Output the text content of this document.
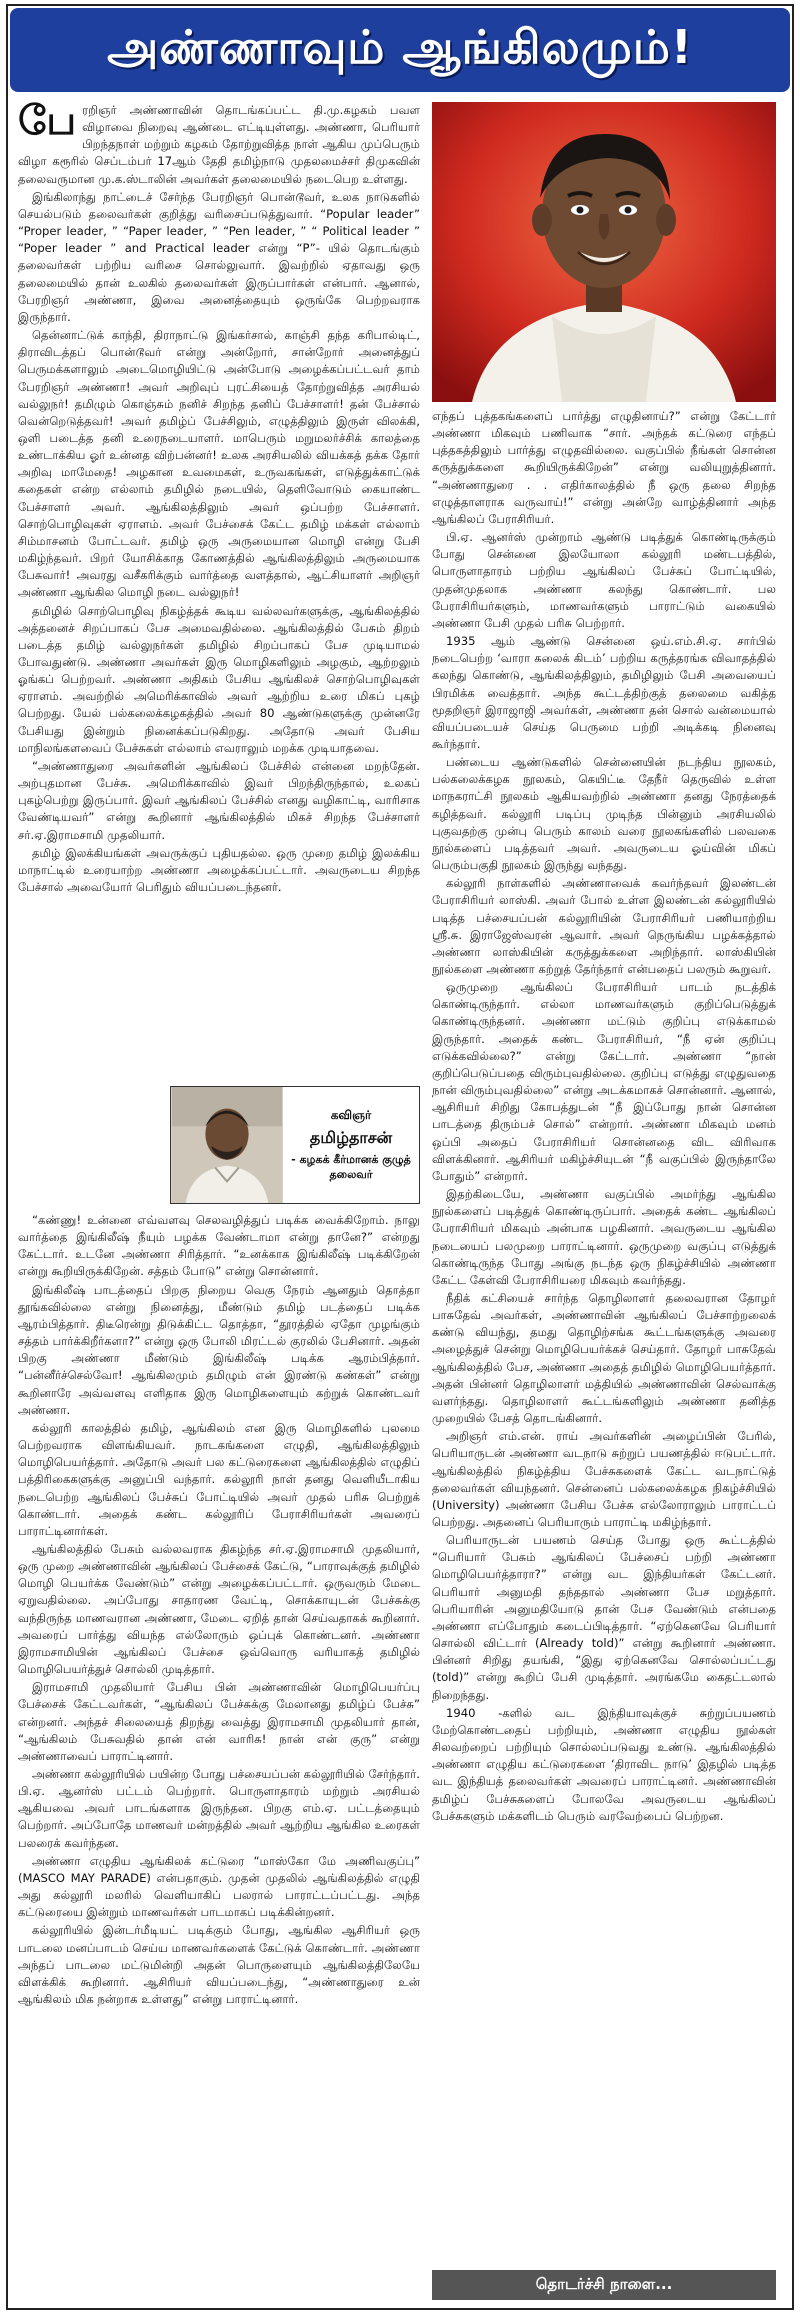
அண்ணாவும் ஆங்கிலமும்!

பேரறிஞர் அண்ணாவின் தொடங்கப்பட்ட தி.மு.கழகம் பவள விழாவை நிறைவு ஆண்டை எட்டியுள்ளது. அண்ணா, பெரியார் பிறந்தநாள் மற்றும் கழகம் தோற்றுவித்த நாள் ஆகிய முப்பெரும் விழா கரூரில் செப்டம்பர் 17ஆம் தேதி தமிழ்நாடு முதலமைச்சர் திமுகவின் தலைவருமான மு.க.ஸ்டாலின் அவர்கள் தலைமையில் நடைபெற உள்ளது.

இங்கிலாந்து நாட்டைச் சேர்ந்த பேரறிஞர் பொன்டூவர், உலக நாடுகளில் செயல்படும் தலைவர்கள் குறித்து வரிசைப்படுத்துவார். “Popular leader” “Proper leader, ” “Paper leader, ” “Pen leader, ” “ Political leader ” “Poper leader ” and Practical leader என்று “P”- யில் தொடங்கும் தலைவர்கள் பற்றிய வரிசை சொல்லுவார். இவற்றில் ஏதாவது ஒரு தலைமையில் தான் உலகில் தலைவர்கள் இருப்பார்கள் என்பார். ஆனால், பேரறிஞர் அண்ணா, இவை அனைத்தையும் ஒருங்கே பெற்றவராக இருந்தார்.

தென்னாட்டுக் காந்தி, திராநாட்டு இங்கர்சால், காஞ்சி தந்த கரிபால்டிட், திராவிடத்தப் பொன்டூவர் என்று அன்றோர், சான்றோர் அனைத்துப் பெருமக்களாலும் அடைமொழியிட்டு அன்போடு அழைக்கப்பட்டவர் தாம் பேரறிஞர் அண்ணா! அவர் அறிவுப் புரட்சியைத் தோற்றுவித்த அரசியல் வல்லுநர்! தமிழும் கொஞ்சும் நனிச் சிறந்த தனிப் பேச்சாளர்! தன் பேச்சால் வென்றெடுத்தவர்! அவர் தமிழ்ப் பேச்சிலும், எழுத்திலும் இருள் விலக்கி, ஒளி படைத்த தனி உரைநடையாளர். மாபெரும் மறுமலர்ச்சிக் காலத்தை உண்டாக்கிய ஓர் உன்னத விற்பன்னர்! உலக அரசியலில் வியக்கத் தக்க தோர் அறிவு மாமேதை! அழகான உவமைகள், உருவகங்கள், எடுத்துக்காட்டுக் கதைகள் என்ற எல்லாம் தமிழில் நடையில், தெளிவோடும் கையாண்ட பேச்சாளர் அவர். ஆங்கிலத்திலும் அவர் ஒப்பற்ற பேச்சாளர். சொற்பொழிவுகள் ஏராளம். அவர் பேச்சைக் கேட்ட தமிழ் மக்கள் எல்லாம் சிம்மாசனம் போட்டவர். தமிழ் ஒரு அருமையான மொழி என்று பேசி மகிழ்ந்தவர். பிறர் யோசிக்காத கோணத்தில் ஆங்கிலத்திலும் அருமையாக பேசுவார்! அவரது வசீகரிக்கும் வார்த்தை வளத்தால், ஆட்சியாளர் அறிஞர் அண்ணா ஆங்கில மொழி நடை வல்லுநர்!

தமிழில் சொற்பொழிவு நிகழ்த்தக் கூடிய வல்லவர்களுக்கு, ஆங்கிலத்தில் அத்தனைச் சிறப்பாகப் பேச அமைவதில்லை. ஆங்கிலத்தில் பேசும் திறம் படைத்த தமிழ் வல்லுநர்கள் தமிழில் சிறப்பாகப் பேச முடியாமல் போவதுண்டு. அண்ணா அவர்கள் இரு மொழிகளிலும் அழகும், ஆற்றலும் ஓங்கப் பெற்றவர். அண்ணா அதிகம் பேசிய ஆங்கிலச் சொற்பொழிவுகள் ஏராளம். அவற்றில் அமெரிக்காவில் அவர் ஆற்றிய உரை மிகப் புகழ் பெற்றது. யேல் பல்கலைக்கழகத்தில் அவர் 80 ஆண்டுகளுக்கு முன்னரே பேசியது இன்றும் நினைக்கப்படுகிறது. அதோடு அவர் பேசிய மாநிலங்களவைப் பேச்சுகள் எல்லாம் எவராலும் மறக்க முடியாதவை.

“அண்ணாதுரை அவர்களின் ஆங்கிலப் பேச்சில் என்னை மறந்தேன். அற்புதமான பேச்சு. அமெரிக்காவில் இவர் பிறந்திருந்தால், உலகப் புகழ்பெற்று இருப்பார். இவர் ஆங்கிலப் பேச்சில் எனது வழிகாட்டி, வாரிசாக வேண்டியவர்” என்று கூறினார் ஆங்கிலத்தில் மிகச் சிறந்த பேச்சாளர் சர்.ஏ.இராமசாமி முதலியார்.

தமிழ் இலக்கியங்கள் அவருக்குப் புதியதல்ல. ஒரு முறை தமிழ் இலக்கிய மாநாட்டில் உரையாற்ற அண்ணா அழைக்கப்பட்டார். அவருடைய சிறந்த பேச்சால் அவையோர் பெரிதும் வியப்படைந்தனர்.

கவிஞர்
தமிழ்தாசன்
- கழகக் கீர்மானக் குழுத் தலைவர்

“கண்ணு! உன்னை எவ்வளவு செலவழித்துப் படிக்க வைக்கிறோம். நாலு வார்த்தை இங்கிலீஷ் நீயும் பழக்க வேண்டாமா என்று தானே?” என்றது கேட்டார். உடனே அண்ணா சிரித்தார். “உனக்காக இங்கிலீஷ் படிக்கிறேன் என்று கூறியிருக்கிறேன். சத்தம் போடு” என்று சொன்னார்.

இங்கிலீஷ் பாடத்தைப் பிறகு நிறைய வெகு நேரம் ஆனதும் தொத்தா தூங்கவில்லை என்று நினைத்து, மீண்டும் தமிழ் படத்தைப் படிக்க ஆரம்பித்தார். திடீரென்று திடுக்கிட்ட தொத்தா, “தூரத்தில் ஏதோ முழங்கும் சத்தம் பார்க்கிறீர்களா?” என்று ஒரு போலி மிரட்டல் குரலில் பேசினார். அதன் பிறகு அண்ணா மீண்டும் இங்கிலீஷ் படிக்க ஆரம்பித்தார். “பன்னீர்ச்செல்வோ! ஆங்கிலமும் தமிழும் என் இரண்டு கண்கள்” என்று கூறினாரே அவ்வளவு எளிதாக இரு மொழிகளையும் கற்றுக் கொண்டவர் அண்ணா.

கல்லூரி காலத்தில் தமிழ், ஆங்கிலம் என இரு மொழிகளில் புலமை பெற்றவராக விளங்கியவர். நாடகங்களை எழுதி, ஆங்கிலத்திலும் மொழிபெயர்த்தார். அதோடு அவர் பல கட்டுரைகளை ஆங்கிலத்தில் எழுதிப் பத்திரிகைகளுக்கு அனுப்பி வந்தார். கல்லூரி நாள் தனது வெளியீடாகிய நடைபெற்ற ஆங்கிலப் பேச்சுப் போட்டியில் அவர் முதல் பரிசு பெற்றுக் கொண்டார். அதைக் கண்ட கல்லூரிப் பேராசிரியர்கள் அவரைப் பாராட்டினார்கள்.

ஆங்கிலத்தில் பேசும் வல்லவராக திகழ்ந்த சர்.ஏ.இராமசாமி முதலியார், ஒரு முறை அண்ணாவின் ஆங்கிலப் பேச்சைக் கேட்டு, “பாராவுக்குத் தமிழில் மொழி பெயர்க்க வேண்டும்” என்று அழைக்கப்பட்டார். ஒருவரும் மேடை ஏறுவதில்லை. அப்போது சாதாரண வேட்டி, சொக்காயுடன் பேச்சுக்கு வந்திருந்த மாணவரான அண்ணா, மேடை ஏறித் தான் செய்வதாகக் கூறினார். அவரைப் பார்த்து வியந்த எல்லோரும் ஒப்புக் கொண்டனர். அண்ணா இராமசாமியின் ஆங்கிலப் பேச்சை ஒவ்வொரு வரியாகத் தமிழில் மொழிபெயர்த்துச் சொல்லி முடித்தார்.

இராமசாமி முதலியார் பேசிய பின் அண்ணாவின் மொழிபெயர்ப்பு பேச்சைக் கேட்டவர்கள், “ஆங்கிலப் பேச்சுக்கு மேலானது தமிழ்ப் பேச்சு” என்றனர். அந்தச் சிலையைத் திறந்து வைத்து இராமசாமி முதலியார் தான், “ஆங்கிலம் பேசுவதில் தான் என் வாரிசு! நான் என் குரு” என்று அண்ணாவைப் பாராட்டினார்.

அண்ணா கல்லூரியில் பயின்ற போது பச்சையப்பன் கல்லூரியில் சேர்ந்தார். பி.ஏ. ஆனர்ஸ் பட்டம் பெற்றார். பொருளாதாரம் மற்றும் அரசியல் ஆகியவை அவர் பாடங்களாக இருந்தன. பிறகு எம்.ஏ. பட்டத்தையும் பெற்றார். அப்போதே மாணவர் மன்றத்தில் அவர் ஆற்றிய ஆங்கில உரைகள் பலரைக் கவர்ந்தன.

அண்ணா எழுதிய ஆங்கிலக் கட்டுரை “மாஸ்கோ மே அணிவகுப்பு” (MASCO MAY PARADE) என்பதாகும். முதன் முதலில் ஆங்கிலத்தில் எழுதி அது கல்லூரி மலரில் வெளியாகிப் பலரால் பாராட்டப்பட்டது. அந்த கட்டுரையை இன்றும் மாணவர்கள் பாடமாகப் படிக்கின்றனர்.

கல்லூரியில் இன்டர்மீடியட் படிக்கும் போது, ஆங்கில ஆசிரியர் ஒரு பாடலை மனப்பாடம் செய்ய மாணவர்களைக் கேட்டுக் கொண்டார். அண்ணா அந்தப் பாடலை மட்டுமின்றி அதன் பொருளையும் ஆங்கிலத்திலேயே விளக்கிக் கூறினார். ஆசிரியர் வியப்படைந்து, “அண்ணாதுரை உன் ஆங்கிலம் மிக நன்றாக உள்ளது” என்று பாராட்டினார்.

எந்தப் புத்தகங்களைப் பார்த்து எழுதினாய்?” என்று கேட்டார் அண்ணா மிகவும் பணிவாக “சார். அந்தக் கட்டுரை எந்தப் புத்தகத்திலும் பார்த்து எழுதவில்லை. வகுப்பில் நீங்கள் சொன்ன கருத்துக்களை கூறியிருக்கிறேன்” என்று வலியுறுத்தினார். “அண்ணாதுரை . . எதிர்காலத்தில் நீ ஒரு தலை சிறந்த எழுத்தாளராக வருவாய்!” என்று அன்றே வாழ்த்தினார் அந்த ஆங்கிலப் பேராசிரியர்.

பி.ஏ. ஆனர்ஸ் முன்றாம் ஆண்டு படித்துக் கொண்டிருக்கும் போது சென்னை இலயோலா கல்லூரி மண்டபத்தில், பொருளாதாரம் பற்றிய ஆங்கிலப் பேச்சுப் போட்டியில், முதன்முதலாக அண்ணா கலந்து கொண்டார். பல பேராசிரியர்களும், மாணவர்களும் பாராட்டும் வகையில் அண்ணா பேசி முதல் பரிசு பெற்றார்.

1935 ஆம் ஆண்டு சென்னை ஒய்.எம்.சி.ஏ. சார்பில் நடைபெற்ற ‘வாரா கலைக் கிடம்’ பற்றிய கருத்தரங்க விவாதத்தில் கலந்து கொண்டு, ஆங்கிலத்திலும், தமிழிலும் பேசி அவையைப் பிரமிக்க வைத்தார். அந்த கூட்டத்திற்குத் தலைமை வகித்த மூதறிஞர் இராஜாஜி அவர்கள், அண்ணா தன் சொல் வன்மையால் வியப்படையச் செய்த பெருமை பற்றி அடிக்கடி நினைவு கூர்ந்தார்.

பண்டைய ஆண்டுகளில் சென்னையின் நடந்திய நூலகம், பல்கலைக்கழக நூலகம், கெயிட்டீ தேநீர் தெருவில் உள்ள மாநகராட்சி நூலகம் ஆகியவற்றில் அண்ணா தனது நேரத்தைக் கழித்தவர். கல்லூரி படிப்பு முடிந்த பின்னும் அரசியலில் புகுவதற்கு முன்பு பெரும் காலம் வரை நூலகங்களில் பலவகை நூல்களைப் படித்தவர் அவர். அவருடைய ஓய்வின் மிகப் பெரும்பகுதி நூலகம் இருந்து வந்தது.

கல்லூரி நாள்களில் அண்ணாவைக் கவர்ந்தவர் இலண்டன் பேராசிரியர் லாஸ்கி. அவர் போல் உள்ள இலண்டன் கல்லூரியில் படித்த பச்சையப்பன் கல்லூரியின் பேராசிரியர் பணியாற்றிய ஸ்ரீ.சு. இராஜேஸ்வரன் ஆவார். அவர் நெருங்கிய பழக்கத்தால் அண்ணா லாஸ்கியின் கருத்துக்களை அறிந்தார். லாஸ்கியின் நூல்களை அண்ணா கற்றுத் தேர்ந்தார் என்பதைப் பலரும் கூறுவர்.

ஒருமுறை ஆங்கிலப் பேராசிரியர் பாடம் நடத்திக் கொண்டிருந்தார். எல்லா மாணவர்களும் குறிப்பெடுத்துக் கொண்டிருந்தனர். அண்ணா மட்டும் குறிப்பு எடுக்காமல் இருந்தார். அதைக் கண்ட பேராசிரியர், “நீ ஏன் குறிப்பு எடுக்கவில்லை?” என்று கேட்டார். அண்ணா “நான் குறிப்பெடுப்பதை விரும்புவதில்லை. குறிப்பு எடுத்து எழுதுவதை நான் விரும்புவதில்லை” என்று அடக்கமாகச் சொன்னார். ஆனால், ஆசிரியர் சிறிது கோபத்துடன் “நீ இப்போது நான் சொன்ன பாடத்தை திரும்பச் சொல்” என்றார். அண்ணா மிகவும் மனம் ஒப்பி அதைப் பேராசிரியர் சொன்னதை விட விரிவாக விளக்கினார். ஆசிரியர் மகிழ்ச்சியுடன் “நீ வகுப்பில் இருந்தாலே போதும்” என்றார்.

இதற்கிடையே, அண்ணா வகுப்பில் அமர்ந்து ஆங்கில நூல்களைப் படித்துக் கொண்டிருப்பார். அதைக் கண்ட ஆங்கிலப் பேராசிரியர் மிகவும் அன்பாக பழகினார். அவருடைய ஆங்கில நடையைப் பலமுறை பாராட்டினார். ஒருமுறை வகுப்பு எடுத்துக் கொண்டிருந்த போது அங்கு நடந்த ஒரு நிகழ்ச்சியில் அண்ணா கேட்ட கேள்வி பேராசிரியரை மிகவும் கவர்ந்தது.

நீதிக் கட்சியைச் சார்ந்த தொழிலாளர் தலைவரான தோழர் பாசுதேவ் அவர்கள், அண்ணாவின் ஆங்கிலப் பேச்சாற்றலைக் கண்டு வியந்து, தமது தொழிற்சங்க கூட்டங்களுக்கு அவரை அழைத்துச் சென்று மொழிபெயர்க்கச் செய்தார். தோழர் பாசுதேவ் ஆங்கிலத்தில் பேச, அண்ணா அதைத் தமிழில் மொழிபெயர்த்தார். அதன் பின்னர் தொழிலாளர் மத்தியில் அண்ணாவின் செல்வாக்கு வளர்ந்தது. தொழிலாளர் கூட்டங்களிலும் அண்ணா தனித்த முறையில் பேசத் தொடங்கினார்.

அறிஞர் எம்.என். ராய் அவர்களின் அழைப்பின் பேரில், பெரியாருடன் அண்ணா வடநாடு சுற்றுப் பயணத்தில் ஈடுபட்டார். ஆங்கிலத்தில் நிகழ்த்திய பேச்சுகளைக் கேட்ட வடநாட்டுத் தலைவர்கள் வியந்தனர். சென்னைப் பல்கலைக்கழக நிகழ்ச்சியில் (University) அண்ணா பேசிய பேச்சு எல்லோராலும் பாராட்டப் பெற்றது. அதனைப் பெரியாரும் பாராட்டி மகிழ்ந்தார்.

பெரியாருடன் பயணம் செய்த போது ஒரு கூட்டத்தில் “பெரியார் பேசும் ஆங்கிலப் பேச்சைப் பற்றி அண்ணா மொழிபெயர்த்தாரா?” என்று வட இந்தியர்கள் கேட்டனர். பெரியார் அனுமதி தந்ததால் அண்ணா பேச மறுத்தார். பெரியாரின் அனுமதியோடு தான் பேச வேண்டும் என்பதை அண்ணா எப்போதும் கடைப்பிடித்தார். “ஏற்கெனவே பெரியார் சொல்லி விட்டார் (Already told)” என்று கூறினார் அண்ணா. பின்னர் சிறிது தயங்கி, “இது ஏற்கெனவே சொல்லப்பட்டது (told)” என்று கூறிப் பேசி முடித்தார். அரங்கமே கைதட்டலால் நிறைந்தது.

1940 -களில் வட இந்தியாவுக்குச் சுற்றுப்பயணம் மேற்கொண்டதைப் பற்றியும், அண்ணா எழுதிய நூல்கள் சிலவற்றைப் பற்றியும் சொல்லப்படுவது உண்டு. ஆங்கிலத்தில் அண்ணா எழுதிய கட்டுரைகளை ‘திராவிட நாடு’ இதழில் படித்த வட இந்தியத் தலைவர்கள் அவரைப் பாராட்டினர். அண்ணாவின் தமிழ்ப் பேச்சுகளைப் போலவே அவருடைய ஆங்கிலப் பேச்சுகளும் மக்களிடம் பெரும் வரவேற்பைப் பெற்றன.

தொடர்ச்சி நாளை...
